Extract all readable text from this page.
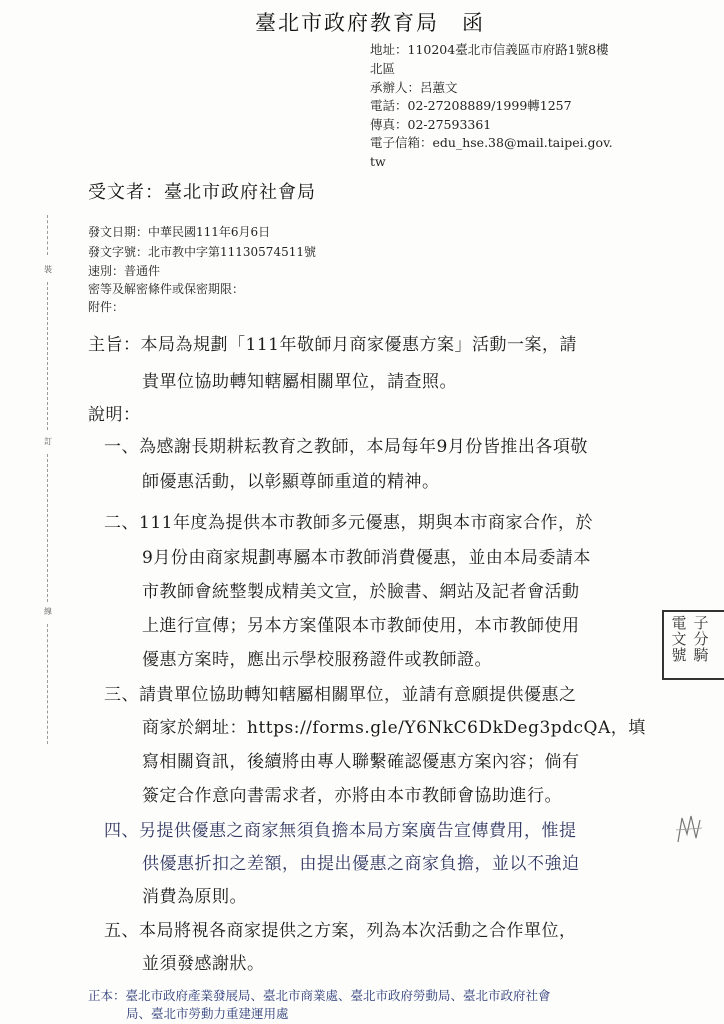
臺北市政府教育局　函
地址：110204臺北市信義區市府路1號8樓
北區
承辦人：呂蕙文
電話：02-27208889/1999轉1257
傳真：02-27593361
電子信箱：edu_hse.38@mail.taipei.gov.
tw
受文者：臺北市政府社會局
發文日期：中華民國111年6月6日
發文字號：北市教中字第11130574511號
速別：普通件
密等及解密條件或保密期限：
附件：
裝
訂
線
主旨：本局為規劃「111年敬師月商家優惠方案」活動一案，請
貴單位協助轉知轄屬相關單位，請查照。
說明：
一、為感謝長期耕耘教育之教師，本局每年9月份皆推出各項敬
師優惠活動，以彰顯尊師重道的精神。
二、111年度為提供本市教師多元優惠，期與本市商家合作，於
9月份由商家規劃專屬本市教師消費優惠，並由本局委請本
市教師會統整製成精美文宣，於臉書、網站及記者會活動
上進行宣傳；另本方案僅限本市教師使用，本市教師使用
優惠方案時，應出示學校服務證件或教師證。
三、請貴單位協助轉知轄屬相關單位，並請有意願提供優惠之
商家於網址：https://forms.gle/Y6NkC6DkDeg3pdcQA，填
寫相關資訊，後續將由專人聯繫確認優惠方案內容；倘有
簽定合作意向書需求者，亦將由本市教師會協助進行。
四、另提供優惠之商家無須負擔本局方案廣告宣傳費用，惟提
供優惠折扣之差額，由提出優惠之商家負擔，並以不強迫
消費為原則。
五、本局將視各商家提供之方案，列為本次活動之合作單位，
並須發感謝狀。
正本：臺北市政府產業發展局、臺北市商業處、臺北市政府勞動局、臺北市政府社會
局、臺北市勞動力重建運用處
電 子 文 分 號 騎
